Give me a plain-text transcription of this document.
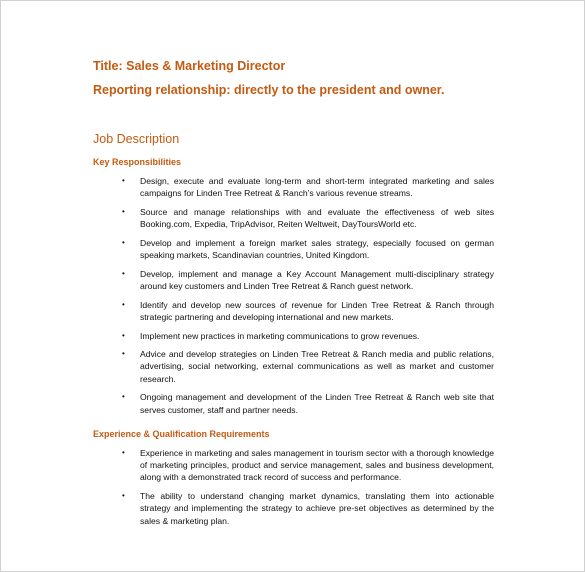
Title: Sales & Marketing Director
Reporting relationship: directly to the president and owner.
Job Description
Key Responsibilities
• Design, execute and evaluate long-term and short-term integrated marketing and sales campaigns for Linden Tree Retreat & Ranch’s various revenue streams.
• Source and manage relationships with and evaluate the effectiveness of web sites Booking.com, Expedia, TripAdvisor, Reiten Weltweit, DayToursWorld etc.
• Develop and implement a foreign market sales strategy, especially focused on german speaking markets, Scandinavian countries, United Kingdom.
• Develop, implement and manage a Key Account Management multi-disciplinary strategy around key customers and Linden Tree Retreat & Ranch guest network.
• Identify and develop new sources of revenue for Linden Tree Retreat & Ranch through strategic partnering and developing international and new markets.
• Implement new practices in marketing communications to grow revenues.
• Advice and develop strategies on Linden Tree Retreat & Ranch media and public relations, advertising, social networking, external communications as well as market and customer research.
• Ongoing management and development of the Linden Tree Retreat & Ranch web site that serves customer, staff and partner needs.
Experience & Qualification Requirements
• Experience in marketing and sales management in tourism sector with a thorough knowledge of marketing principles, product and service management, sales and business development, along with a demonstrated track record of success and performance.
• The ability to understand changing market dynamics, translating them into actionable strategy and implementing the strategy to achieve pre-set objectives as determined by the sales & marketing plan.
